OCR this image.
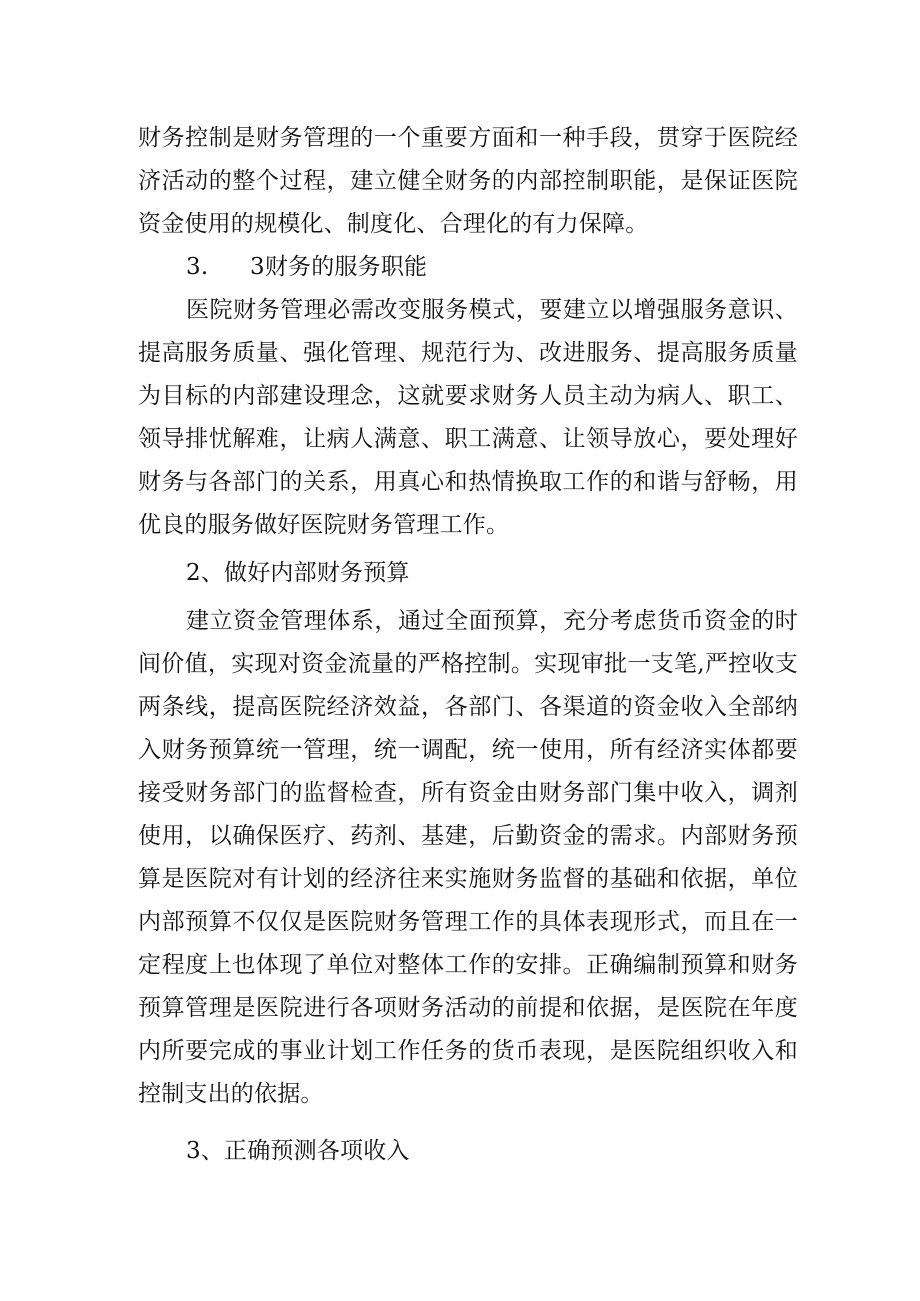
财务控制是财务管理的一个重要方面和一种手段，贯穿于医院经济活动的整个过程，建立健全财务的内部控制职能，是保证医院资金使用的规模化、制度化、合理化的有力保障。

3. 3财务的服务职能

医院财务管理必需改变服务模式，要建立以增强服务意识、提高服务质量、强化管理、规范行为、改进服务、提高服务质量为目标的内部建设理念，这就要求财务人员主动为病人、职工、领导排忧解难，让病人满意、职工满意、让领导放心，要处理好财务与各部门的关系，用真心和热情换取工作的和谐与舒畅，用优良的服务做好医院财务管理工作。

2、做好内部财务预算

建立资金管理体系，通过全面预算，充分考虑货币资金的时间价值，实现对资金流量的严格控制。实现审批一支笔,严控收支两条线，提高医院经济效益，各部门、各渠道的资金收入全部纳入财务预算统一管理，统一调配，统一使用，所有经济实体都要接受财务部门的监督检查，所有资金由财务部门集中收入，调剂使用，以确保医疗、药剂、基建，后勤资金的需求。内部财务预算是医院对有计划的经济往来实施财务监督的基础和依据，单位内部预算不仅仅是医院财务管理工作的具体表现形式，而且在一定程度上也体现了单位对整体工作的安排。正确编制预算和财务预算管理是医院进行各项财务活动的前提和依据，是医院在年度内所要完成的事业计划工作任务的货币表现，是医院组织收入和控制支出的依据。

3、正确预测各项收入
